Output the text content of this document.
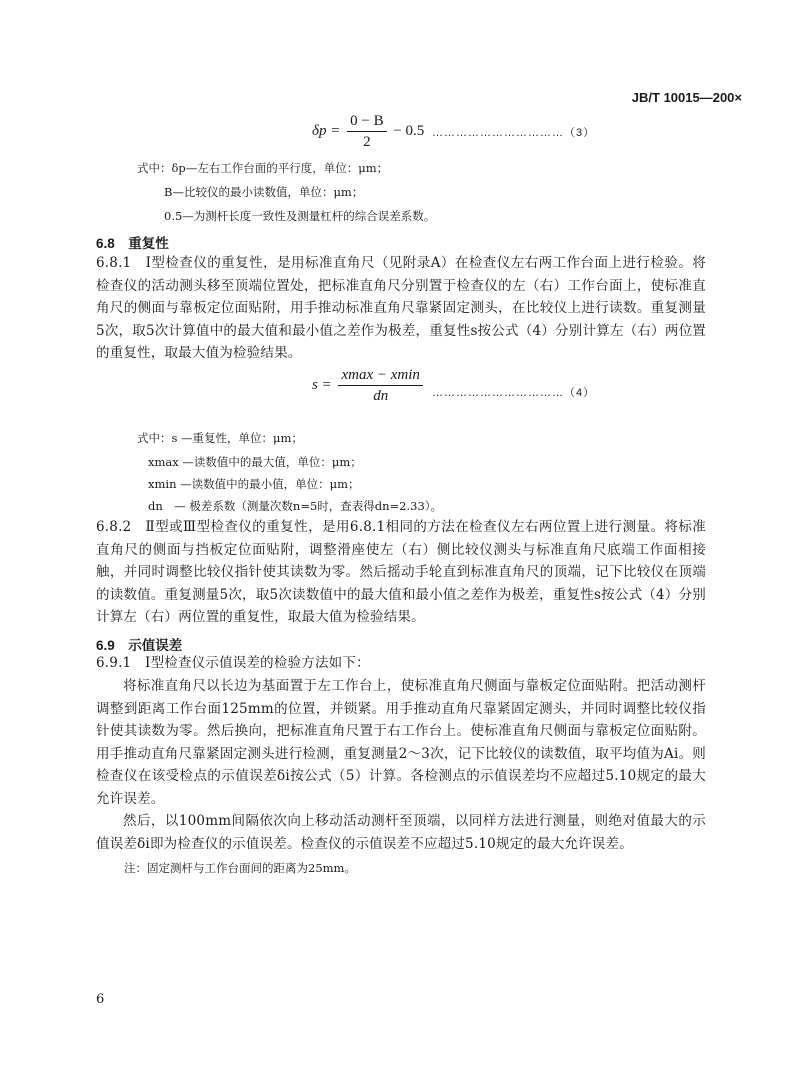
JB/T 10015—200×
$\delta p = \frac{0 - B}{2} - 0.5$ ……………………………（3）
式中：δp—左右工作台面的平行度，单位：μm；
B—比较仪的最小读数值，单位：μm；
0.5—为测杆长度一致性及测量杠杆的综合误差系数。
6.8　重复性
6.8.1　Ⅰ型检查仪的重复性，是用标准直角尺（见附录A）在检查仪左右两工作台面上进行检验。将检查仪的活动测头移至顶端位置处，把标准直角尺分别置于检查仪的左（右）工作台面上，使标准直角尺的侧面与靠板定位面贴附，用手推动标准直角尺靠紧固定测头，在比较仪上进行读数。重复测量5次，取5次计算值中的最大值和最小值之差作为极差，重复性s按公式（4）分别计算左（右）两位置的重复性，取最大值为检验结果。
$s = \frac{xmax - xmin}{dn}$ ……………………………（4）
式中：s —重复性，单位：μm；
xmax —读数值中的最大值，单位：μm；
xmin —读数值中的最小值，单位：μm；
dn　— 极差系数（测量次数n=5时，查表得dn=2.33）。
6.8.2　Ⅱ型或Ⅲ型检查仪的重复性，是用6.8.1相同的方法在检查仪左右两位置上进行测量。将标准直角尺的侧面与挡板定位面贴附，调整滑座使左（右）侧比较仪测头与标准直角尺底端工作面相接触，并同时调整比较仪指针使其读数为零。然后摇动手轮直到标准直角尺的顶端，记下比较仪在顶端的读数值。重复测量5次，取5次读数值中的最大值和最小值之差作为极差，重复性s按公式（4）分别计算左（右）两位置的重复性，取最大值为检验结果。
6.9　示值误差
6.9.1　Ⅰ型检查仪示值误差的检验方法如下：
将标准直角尺以长边为基面置于左工作台上，使标准直角尺侧面与靠板定位面贴附。把活动测杆调整到距离工作台面125mm的位置，并锁紧。用手推动直角尺靠紧固定测头，并同时调整比较仪指针使其读数为零。然后换向，把标准直角尺置于右工作台上。使标准直角尺侧面与靠板定位面贴附。用手推动直角尺靠紧固定测头进行检测，重复测量2～3次，记下比较仪的读数值，取平均值为Ai。则检查仪在该受检点的示值误差δi按公式（5）计算。各检测点的示值误差均不应超过5.10规定的最大允许误差。
然后，以100mm间隔依次向上移动活动测杆至顶端，以同样方法进行测量，则绝对值最大的示值误差δi即为检查仪的示值误差。检查仪的示值误差不应超过5.10规定的最大允许误差。
注：固定测杆与工作台面间的距离为25mm。
6
